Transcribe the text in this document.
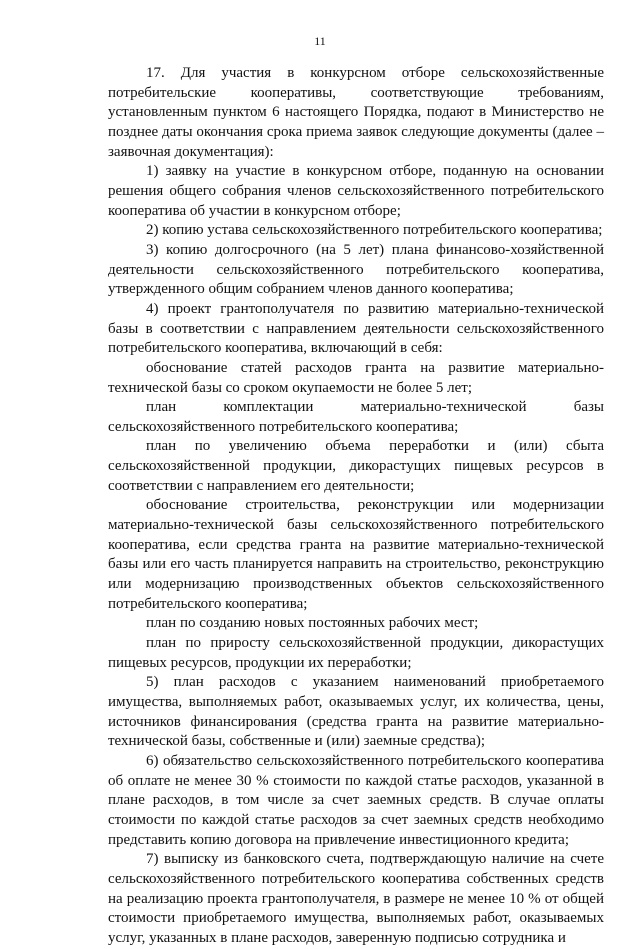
11

17. Для участия в конкурсном отборе сельскохозяйственные потребительские кооперативы, соответствующие требованиям, установленным пунктом 6 настоящего Порядка, подают в Министерство не позднее даты окончания срока приема заявок следующие документы (далее – заявочная документация):

1) заявку на участие в конкурсном отборе, поданную на основании решения общего собрания членов сельскохозяйственного потребительского кооператива об участии в конкурсном отборе;

2) копию устава сельскохозяйственного потребительского кооператива;

3) копию долгосрочного (на 5 лет) плана финансово-хозяйственной деятельности сельскохозяйственного потребительского кооператива, утвержденного общим собранием членов данного кооператива;

4) проект грантополучателя по развитию материально-технической базы в соответствии с направлением деятельности сельскохозяйственного потребительского кооператива, включающий в себя:

обоснование статей расходов гранта на развитие материально-технической базы со сроком окупаемости не более 5 лет;

план комплектации материально-технической базы сельскохозяйственного потребительского кооператива;

план по увеличению объема переработки и (или) сбыта сельскохозяйственной продукции, дикорастущих пищевых ресурсов в соответствии с направлением его деятельности;

обоснование строительства, реконструкции или модернизации материально-технической базы сельскохозяйственного потребительского кооператива, если средства гранта на развитие материально-технической базы или его часть планируется направить на строительство, реконструкцию или модернизацию производственных объектов сельскохозяйственного потребительского кооператива;

план по созданию новых постоянных рабочих мест;

план по приросту сельскохозяйственной продукции, дикорастущих пищевых ресурсов, продукции их переработки;

5) план расходов с указанием наименований приобретаемого имущества, выполняемых работ, оказываемых услуг, их количества, цены, источников финансирования (средства гранта на развитие материально-технической базы, собственные и (или) заемные средства);

6) обязательство сельскохозяйственного потребительского кооператива об оплате не менее 30 % стоимости по каждой статье расходов, указанной в плане расходов, в том числе за счет заемных средств. В случае оплаты стоимости по каждой статье расходов за счет заемных средств необходимо представить копию договора на привлечение инвестиционного кредита;

7) выписку из банковского счета, подтверждающую наличие на счете сельскохозяйственного потребительского кооператива собственных средств на реализацию проекта грантополучателя, в размере не менее 10 % от общей стоимости приобретаемого имущества, выполняемых работ, оказываемых услуг, указанных в плане расходов, заверенную подписью сотрудника и
